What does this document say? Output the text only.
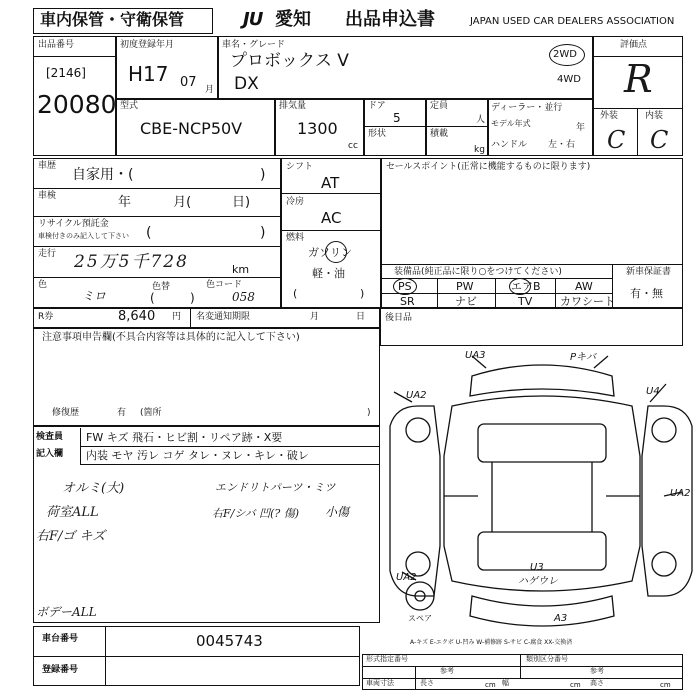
車内保管・守衛保管	JU 愛知 出品申込書	JAPAN USED CAR DEALERS ASSOCIATION
出品番号
[2146]
20080
初度登録年月
H17 07 月
車名・グレード
プロボックス V
DX
2WD
4WD
評価点
R
外装	内装
C C
型式
CBE-NCP50V
排気量
1300
cc
ドア
5
定員
人
形状	積載
kg
ディーラー・並行
モデル年式	年
ハンドル 左・右
車歴
自家用・(	)
車検	年 月(	日)
リサイクル預託金
車検付きのみ記入して下さい (	)
走行 25万5千728	km
色
ミロ
色替
(	)
色コード
058
シフト
AT
冷房
AC
燃料
ガソリン
軽・油
(	)
セールスポイント(正常に機能するものに限ります)
装備品(純正品に限り○をつけてください)
PS	PW	エアB	AW
SR	ナビ	TV	カワシート
新車保証書
有・無
R券	8,640 円 名変通知期限	月	日 後日品
注意事項申告欄(不具合内容等は具体的に記入して下さい)
修復歴	有 (箇所	)
検査員
記入欄
FW キズ 飛石・ヒビ割・リペア跡・X要
内装 モヤ 汚レ コゲ タレ・ヌレ・キレ・破レ
オルミ(大)
荷室ALL
右F/ゴ キズ
エンドリトパーツ・ミツ
右F/シバ 凹(? 傷) 小傷
ボデーALL
UA3	Pキバ
UA2	U4
UA2
UA2
U3
ハゲウレ
A3
スペア
A-キズ E-エクボ U-凹み W-補修跡 S-サビ C-腐食 XX-交換済
車台番号	0045743
登録番号
形式指定番号	類別区分番号
参考	参考
車両寸法	長さ	cm 幅	cm 高さ	cm
